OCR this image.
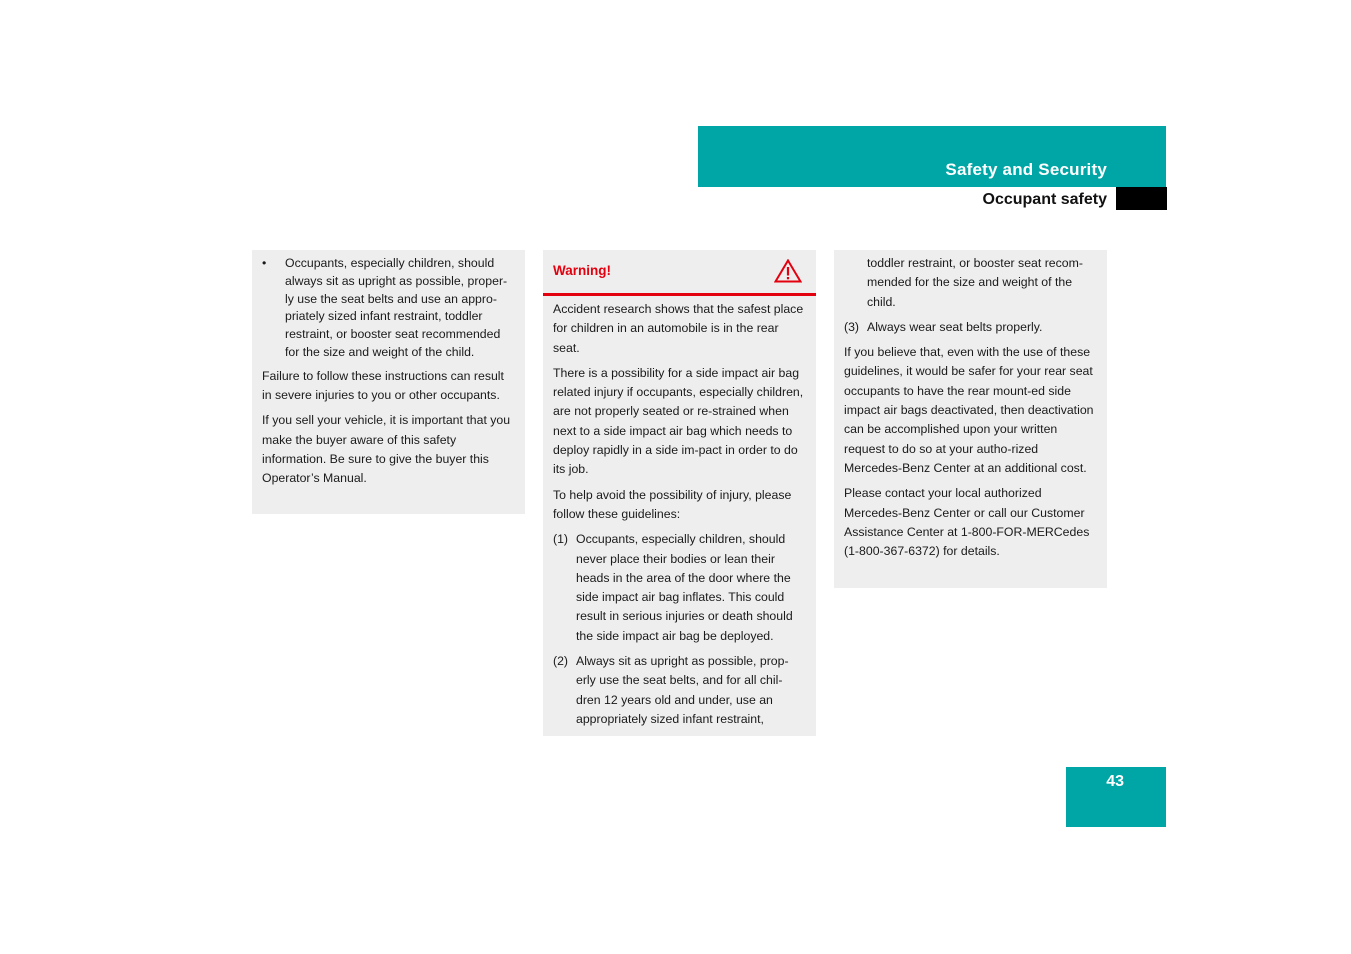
Safety and Security
Occupant safety
• Occupants, especially children, should always sit as upright as possible, proper-ly use the seat belts and use an appro-priately sized infant restraint, toddler restraint, or booster seat recommended for the size and weight of the child.

Failure to follow these instructions can result in severe injuries to you or other occupants.

If you sell your vehicle, it is important that you make the buyer aware of this safety information. Be sure to give the buyer this Operator’s Manual.

Warning!

Accident research shows that the safest place for children in an automobile is in the rear seat.

There is a possibility for a side impact air bag related injury if occupants, especially children, are not properly seated or re-strained when next to a side impact air bag which needs to deploy rapidly in a side im-pact in order to do its job.

To help avoid the possibility of injury, please follow these guidelines:

(1) Occupants, especially children, should never place their bodies or lean their heads in the area of the door where the side impact air bag inflates. This could result in serious injuries or death should the side impact air bag be deployed.
(2) Always sit as upright as possible, prop-erly use the seat belts, and for all chil-dren 12 years old and under, use an appropriately sized infant restraint,
toddler restraint, or booster seat recom-mended for the size and weight of the child.
(3) Always wear seat belts properly.

If you believe that, even with the use of these guidelines, it would be safer for your rear seat occupants to have the rear mount-ed side impact air bags deactivated, then deactivation can be accomplished upon your written request to do so at your autho-rized Mercedes-Benz Center at an additional cost.

Please contact your local authorized Mercedes-Benz Center or call our Customer Assistance Center at 1-800-FOR-MERCedes (1-800-367-6372) for details.

43
